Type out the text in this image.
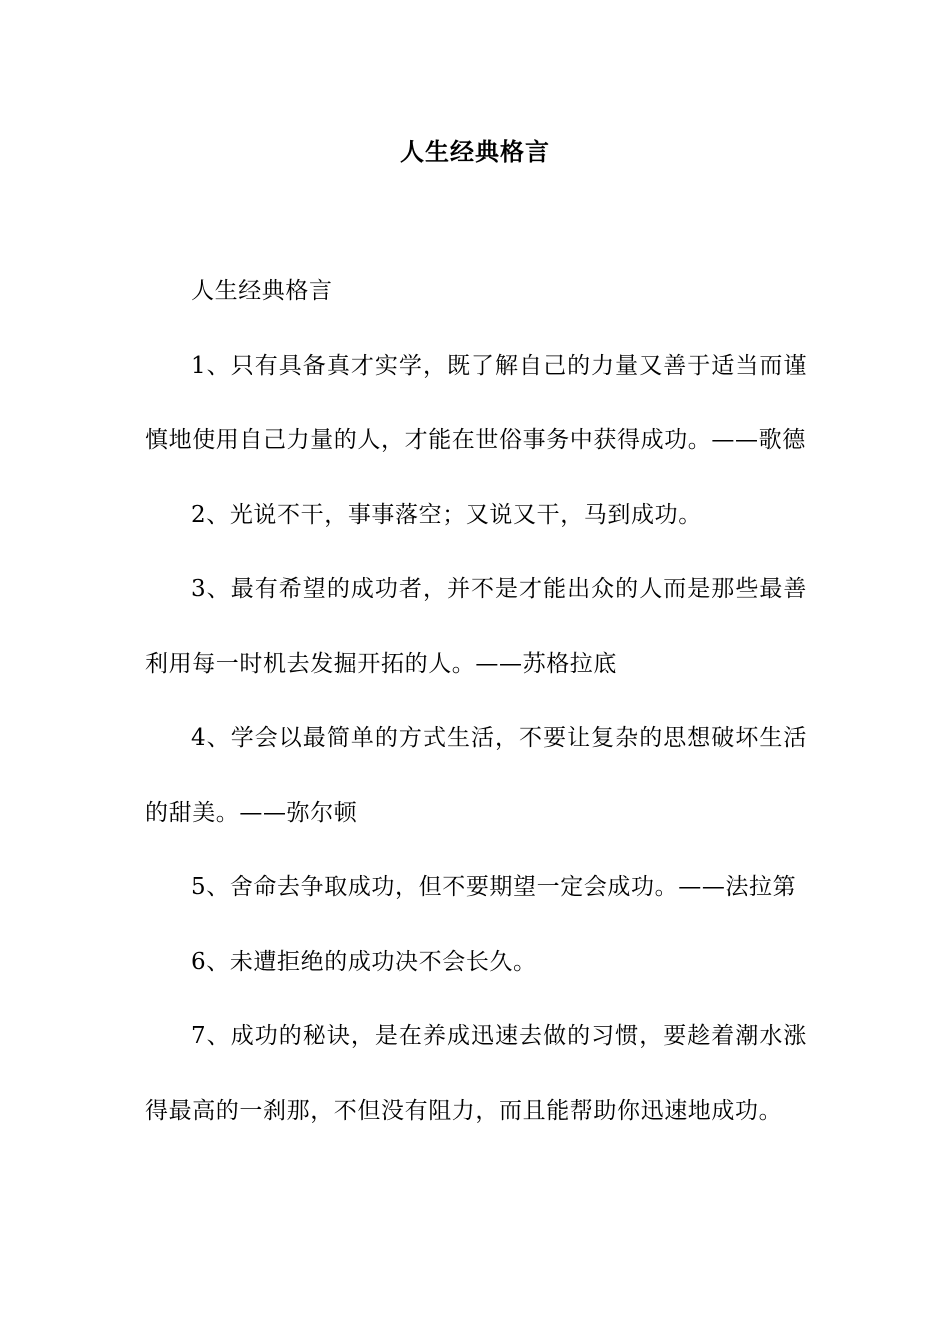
人生经典格言

人生经典格言

1、只有具备真才实学，既了解自己的力量又善于适当而谨慎地使用自己力量的人，才能在世俗事务中获得成功。——歌德

2、光说不干，事事落空；又说又干，马到成功。

3、最有希望的成功者，并不是才能出众的人而是那些最善利用每一时机去发掘开拓的人。——苏格拉底

4、学会以最简单的方式生活，不要让复杂的思想破坏生活的甜美。——弥尔顿

5、舍命去争取成功，但不要期望一定会成功。——法拉第

6、未遭拒绝的成功决不会长久。

7、成功的秘诀，是在养成迅速去做的习惯，要趁着潮水涨得最高的一刹那，不但没有阻力，而且能帮助你迅速地成功。
